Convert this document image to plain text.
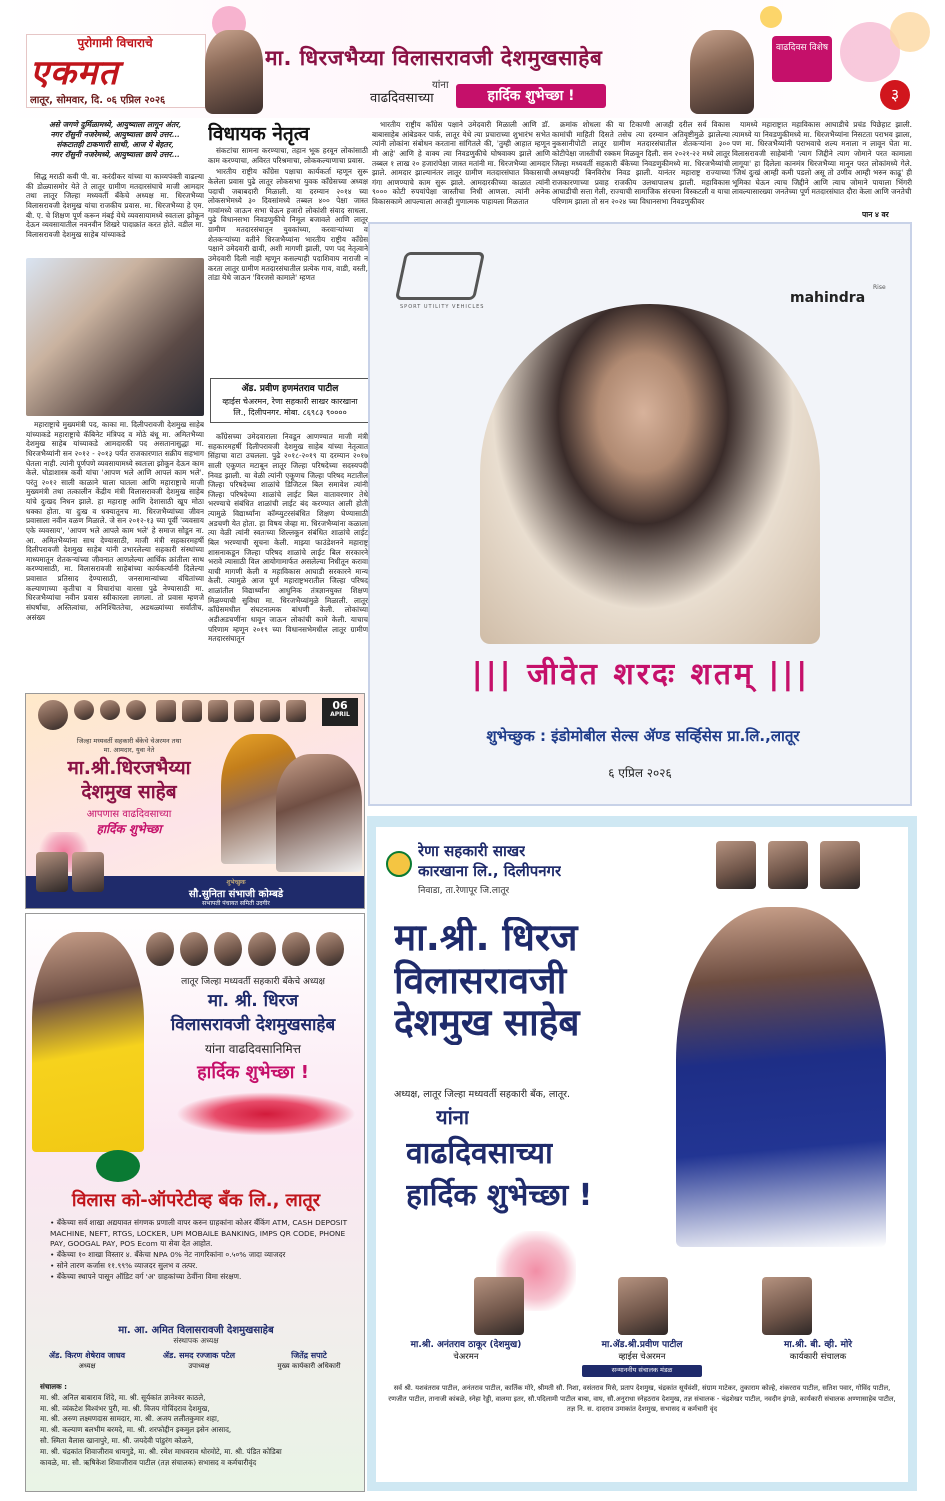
पुरोगामी विचाराचे
एकमत
लातूर, सोमवार, दि. ०६ एप्रिल २०२६
मा. धिरजभैय्या विलासरावजी देशमुखसाहेब
यांना
वाढदिवसाच्या	हार्दिक शुभेच्छा !
वाढदिवस विशेष
३
असे जगणे दुर्मिळामध्ये, आयुष्याला लागून अंतर,
नगर रॉसुनी नजरेमध्ये, आयुष्याला छाये उत्तर...
संकटातही टाकणारी साथी, आज ये बेहतर,
नगर रॉसुनी नजरेमध्ये, आयुष्याला छाये उत्तर...

सिद्ध मराठी कवी पी. वा. करंदीकर यांच्या या काव्यपंक्ती वाढल्या की डोळ्यासमोर येते ते लातूर ग्रामीण मतदारसंघाचे माजी आमदार तथा लातूर जिल्हा मध्यवर्ती बँकेचे अध्यक्ष मा. धिरजभैय्या विलासरावजी देशमुख यांचा राजकीय प्रवास. मा. धिरजभैय्या हे एम. बी. ए. चे शिक्षण पूर्ण करून मंबई येथे व्यवसायामध्ये स्वतःला झोकून देऊन व्यवसायातील नवनवीन शिखरे पादाक्रांत करत होते. वडील मा. विलासरावजी देशमुख साहेब यांच्याकडे

महाराष्ट्राचे मुख्यमंत्री पद, काका मा. दिलीपरावजी देशमुख साहेब यांच्याकडे महाराष्ट्राचे कॅबिनेट मंत्रिपद व मोठे बंधू मा. अमितभैय्या देशमुख साहेब यांच्याकडे आमदारकी पद असतानासुद्धा मा. धिरजभैय्यांनी सन २०१२ - २०१३ पर्यंत राजकारणात सक्रीय सहभाग घेतला नाही. त्यांनी पूर्णपणे व्यवसायामध्ये स्वतःला झोकून देऊन काम केले. घोडाशास्त्र कवी यांचा 'आपण भले आणि आपलं काम भले'. परंतु २०१२ साली काळाने घाला घातला आणि महाराष्ट्राचे माजी मुख्यमंत्री तथा तत्कालीन केंद्रीय मंत्री विलासरावजी देशमुख साहेब यांचे दुःखद निधन झाले. हा महाराष्ट्र आणि देशासाठी खूप मोठा धक्का होता. या दुःख व धक्यातूनच मा. धिरजभैय्यांच्या जीवन प्रवासाला नवीन वळण मिळाले. जे सन २०१२-१३ च्या पूर्वी 'व्यवसाय एके व्यवसाय', 'आपण भले आपले काम भले' हे समाज सोडून ना. आ. अमितभैय्यांना साथ देण्यासाठी, माजी मंत्री सहकारमहर्षी दिलीपरावजी देशमुख साहेब यांनी उभारलेल्या सहकारी संस्थांच्या माध्यमातून शेतकऱ्यांच्या जीवनात आणलेल्या आर्थिक क्रांतीला साथ करण्यासाठी, मा. विलासरावजी साहेबांच्या कार्यकर्त्यांनी दिलेल्या प्रवासात प्रतिसाद देण्यासाठी, जनसामान्यांच्या वंचितांच्या कल्याणाच्या कृतीचा व विचारांचा वारसा पुढे नेण्यासाठी मा. धिरजभैय्यांचा नवीन प्रवास स्वीकारला लागला. तो प्रवास म्हणजे संघर्षांचा, अस्तित्वांचा, अनिश्चिततेचा, अडथळ्यांच्या सर्वांतीच, असंख्य

विधायक नेतृत्व

संकटांचा सामना करण्याचा, तहान भूक हरवून लोकांसाठी काम करण्याचा, अविरत परिश्रमाचा, लोककल्याणाचा प्रवास.

भारतीय राष्ट्रीय काँग्रेस पक्षाचा कार्यकर्ता म्हणून सुरू केलेला प्रवास पुढे लातूर लोकसभा युवक काँग्रेसच्या अध्यक्ष पदाची जबाबदारी मिळाली. या दरम्यान २०१४ च्या लोकसभेमध्ये ३० दिवसांमध्ये तब्बल ४०० पेक्षा जास्त गावांमध्ये जाऊन सभा घेऊन हजारो लोकांशी संवाद साधला. पुढे विधानसभा निवडणुकीचे निमूल बजावले आणि लातूर ग्रामीण मतदारसंघातून युवकांच्या, करवाऱ्यांच्या व शेतकऱ्यांच्या वतीने धिरजभैय्यांना भारतीय राष्ट्रीय काँग्रेस पक्षाने उमेदवारी द्यावी, अशी मागणी झाली, पण पद नेतृत्वाने उमेदवारी दिली नाही म्हणून कसल्याही पदाशिवाय नाराजी न करता लातूर ग्रामीण मतदारसंघातील प्रत्येक गाव, वाडी, वस्ती, तांडा येथे जाऊन 'विरजसे कामाले' म्हणत

ॲड. प्रवीण हणमंतराव पाटील
व्हाईस चेअरमन, रेणा सहकारी साखर कारखाना लि., दिलीपनगर. मोबा. ८६९८३ ९००००

काँग्रेसच्या उमेदवाराला निवडून आणण्यात माजी मंत्री सहकारमहर्षी दिलीपरावजी देशमुख साहेब यांच्या नेतृत्वात सिंहाचा वाटा उचलला. पुढे २०१८-२०१९ या दरम्यान २०१७ साली एकूणत मटाबून लातूर जिल्हा परिषदेच्या सदस्यपदी निवड झाली. या वेळी त्यांनी एकूणच जिल्हा परिषद मटातील जिल्हा परिषदेच्या शाळांचे डिजिटल बिल समावेश त्यांनी जिल्हा परिषदेच्या शाळांचे लाईट बिल वातावरणार तेथे भरण्याचे संबंधित शाळांची लाईट बंद करण्यात आली होती त्यामुळे विद्यार्थ्यांना कॉम्प्युटरसंबंधित शिक्षण घेण्यासाठी अडचणी येत होता. हा विषय जेव्हा मा. धिरजभैय्यांना कळाला त्या वेळी त्यांनी स्वतःच्या शिल्लकून संबंधित शाळांचे लाईट बिल भरण्याची सूचना केली. माझ्या फाउंडेशनने महाराष्ट्र शासनाकडून जिल्हा परिषद शाळांचे लाईट बिल सरकारने भरावे त्यासाठी विल आयोगामार्फत असलेल्या निधीतून करावा याची मागणी केली व महाविकास आघाडी सरकारने मान्य केली. त्यामुळे आज पूर्ण महाराष्ट्रभरातील जिल्हा परिषद शाळांतील विद्यार्थ्यांना आधुनिक तंत्रज्ञानयुक्त शिक्षण मिळण्याची सुविधा मा. धिरजभैय्यांमुळे मिळाली. लातूर काँग्रेसमधील संघटनात्मक बांधणी केली. लोकांच्या अडीअडचणींना धावून जाऊन लोकांची कामे केली. याचाच परिणाम म्हणून २०१९ च्या विधानसभेमधील लातूर ग्रामीण मतदारसंघातून

भारतीय राष्ट्रीय काँग्रेस पक्षाने उमेदवारी मिळाली आणि डॉ. बाबासाहेब आंबेडकर पार्क, लातूर येथे त्या प्रचाराच्या शुभारंभ सभेत त्यांनी लोकांना संबोधन करताना सांगितले की, 'तुम्ही आहात म्हणून मी आहे' आणि हे वाक्य त्या निवडणुकीचे घोषवाक्य झाले आणि तब्बल १ लाख २० हजारांपेक्षा जास्त मतांनी मा. धिरजभैय्या आमदार झाले. आमदार झाल्यानंतर लातूर ग्रामीण मतदारसंघात विकासाची गंगा आणण्याचे काम सुरू झाले. आमदारकीच्या काळात त्यांनी ९००० कोटी रुपयांपेक्षा जास्तीचा निधी आणला. त्यांनी अनेक विकासकामे आपल्याला आजही गुणात्मक पाहायला मिळतात

क्रमांक शोधला की या टिकाणी आजही दरील सर्व विकास कामांची माहिती दिसते तसेच त्या दरम्यान अतिवृष्टीमुळे झालेल्या नुकसानीपोटी लातूर ग्रामीण मतदारसंघातील शेतकऱ्यांना ३०० कोटीपेक्षा जास्तीची रक्कम मिळवून दिली. सन २०२१-२२ मध्ये लातूर जिल्हा मध्यवर्ती सहकारी बँकेच्या निवडणुकीमध्ये मा. धिरजभैय्यांची अध्यक्षपदी बिनविरोध निवड झाली. यानंतर महाराष्ट्र राज्याच्या राजकारणाच्या प्रवाह राजकीय उलथापालथ झाली. महाविकास आघाडीची सत्ता गेली, राज्याची सामाजिक संरचना विस्कटली व याचा परिणाम झाला तो सन २०२४ च्या विधानसभा निवडणुकीवर

यामध्ये महाराष्ट्रात महाविकास आघाडीचे प्रचंड पिछेहाट झाली. त्यामध्ये या निवडणुकीमध्ये मा. धिरजभैय्यांना निसटता पराभव झाला, पण मा. धिरजभैय्यांनी पराभवाचे शल्य मनाला न लावून घेता मा. विलासरावजी साहेबांनी 'त्याग जिद्दीने त्याग जोमाने परत कामाला लागूया' हा दिलेला कानमंत्र धिरजभैय्या मानून परत लोकांमध्ये गेले. 'जिथं दुःखं आम्ही कमी पडलो असू तो उणीव आम्ही भरुन काढू' ही भूमिका घेऊन त्याच जिद्दीने आणि त्याच जोमाने पायाला भिंगरी लावल्यासारख्या जनतेच्या पूर्ण मतदारसंघात दौरा केला आणि जनतेची

पान ४ वर
SPORT UTILITY VEHICLES
mahindra
Rise
||| जीवेत शरदः शतम् |||
शुभेच्छुक : इंडोमोबील सेल्स ॲण्ड सर्व्हिसेस प्रा.लि.,लातूर
६ एप्रिल २०२६
06
APRIL
जिल्हा मध्यवर्ती सहकारी बँकेचे चेअरमन तथा
मा. आमदार, युवा नेते
मा.श्री.धिरजभैय्या
देशमुख साहेब
आपणास वाढदिवसाच्या
हार्दिक शुभेच्छा
शुभेच्छुक
सौ.सुनिता संभाजी कोम्बडे
सभापती पंचायत समिती उदगीर
लातूर जिल्हा मध्यवर्ती सहकारी बँकेचे अध्यक्ष
मा. श्री. धिरज
विलासरावजी देशमुखसाहेब
यांना वाढदिवसानिमित्त
हार्दिक शुभेच्छा !
विलास को-ऑपरेटीव्ह बँक लि., लातूर
• बँकेच्या सर्व शाखा अद्ययावत संगणक प्रणाली वापर करुन ग्राहकांना कोअर बँकिंग ATM, CASH DEPOSIT MACHINE, NEFT, RTGS, LOCKER, UPI MOBAILE BANKING, IMPS QR CODE, PHONE PAY, GOOGAL PAY, POS Ecom या सेवा देत आहोत.
• बँकेच्या १० शाखा विस्तार ४. बँकेचा NPA 0% नेट नागरिकांना ०.५०% जादा व्याजदर
• सोने तारण कर्जास ११.९९% व्याजदर सुलभ व तत्पर.
• बँकेच्या स्थापने पासून ऑडिट वर्ग 'अ' ग्राहकांच्या ठेवींना विमा संरक्षण.
मा. आ. अमित विलासरावजी देशमुखसाहेब
संस्थापक अध्यक्ष
ॲड. किरण शेषेराव जाधव
अध्यक्ष
ॲड. समद रज्जाक पटेल
उपाध्यक्ष
जितेंद्र सपाटे
मुख्य कार्यकारी अधिकारी
संचालक :
मा. श्री. अनिल बाबाराव शिंदे, मा. श्री. सूर्यकांत ज्ञानेश्वर काठले,
मा. श्री. व्यंकटेश विश्वंभर पुरी, मा. श्री. विजय गोविंदराव देशमुख,
मा. श्री. अरुण लक्ष्मणदास सामदार, मा. श्री. अजय ललीतकुमार शहा,
मा. श्री. कल्याण बलभीम बरमदे, मा. श्री. शरफोद्दीन इकमुल इसेन आसाद,
सौ. स्मिता वैलास खानापुरे, मा. श्री. जयदेवी पांडुरंग कोळने,
मा. श्री. चंद्रकांत शिवाजीराव धायगुडे, मा. श्री. रमेश माधवराव थोरमोटे, मा. श्री. पंडित कोडिबा
कावळे, मा. सौ. ऋषिकेश शिवाजीराव पाटील (तज्ञ संचालक) सभासद व कर्मचारीवृंद
रेणा सहकारी साखर
कारखाना लि., दिलीपनगर
निवाडा, ता.रेणापूर जि.लातूर
मा.श्री. धिरज
विलासरावजी
देशमुख साहेब
अध्यक्ष, लातूर जिल्हा मध्यवर्ती सहकारी बँक, लातूर.
यांना
वाढदिवसाच्या
हार्दिक शुभेच्छा !
मा.श्री. अनंतराव ठाकूर (देशमुख)
चेअरमन
मा.ॲड.श्री.प्रवीण पाटील
व्हाईस चेअरमन
मा.श्री. बी. व्ही. मोरे
कार्यकारी संचालक
सन्माननीय संचालक मंडळ
सर्व श्री. यशवंतराव पाटील, अनंतराव पाटील, कार्तिक मोरे, श्रीमती सौ. निशा, वसंतराव मिसे, प्रताप देशमुख, चंद्रकांत सूर्यवंशी, संग्राम माटेकर, तुकाराम कोल्हे, शंकरराव पाटील, सतिश पवार, गोविंद पाटील, रणजीत पाटील, तानाजी कांबळे, स्नेहा रेड्डी, वालमा इतर, सौ.पदिलामी पाटील बाबा, वाघ, सौ.अनुराधा स्नेहठराव देशमुख, तज्ञ संचालक - चंद्रशेखर पाटील, नवदीन इंगळे, कार्यकारी संचालक अण्णासाहेब पाटील, तज्ञ नि. स. दादराव उमाकांत देशमुख, सभासद व कर्मचारी वृंद
